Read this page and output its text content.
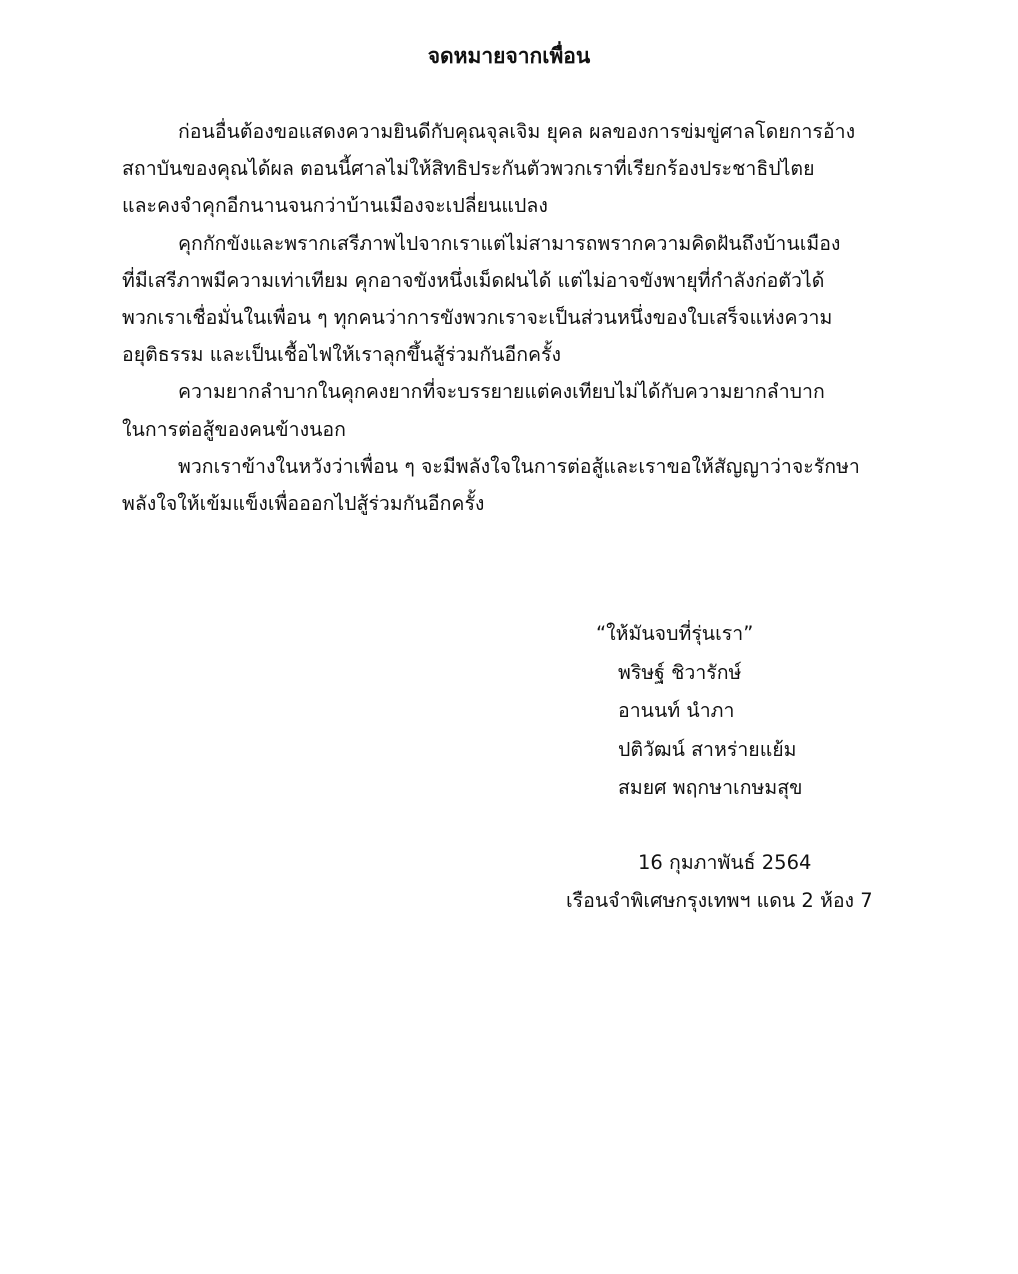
จดหมายจากเพื่อน

ก่อนอื่นต้องขอแสดงความยินดีกับคุณจุลเจิม ยุคล ผลของการข่มขู่ศาลโดยการอ้าง
สถาบันของคุณได้ผล ตอนนี้ศาลไม่ให้สิทธิประกันตัวพวกเราที่เรียกร้องประชาธิปไตย
และคงจำคุกอีกนานจนกว่าบ้านเมืองจะเปลี่ยนแปลง

คุกกักขังและพรากเสรีภาพไปจากเราแต่ไม่สามารถพรากความคิดฝันถึงบ้านเมือง
ที่มีเสรีภาพมีความเท่าเทียม คุกอาจขังหนึ่งเม็ดฝนได้ แต่ไม่อาจขังพายุที่กำลังก่อตัวได้
พวกเราเชื่อมั่นในเพื่อน ๆ ทุกคนว่าการขังพวกเราจะเป็นส่วนหนึ่งของใบเสร็จแห่งความ
อยุติธรรม และเป็นเชื้อไฟให้เราลุกขึ้นสู้ร่วมกันอีกครั้ง

ความยากลำบากในคุกคงยากที่จะบรรยายแต่คงเทียบไม่ได้กับความยากลำบาก
ในการต่อสู้ของคนข้างนอก

พวกเราข้างในหวังว่าเพื่อน ๆ จะมีพลังใจในการต่อสู้และเราขอให้สัญญาว่าจะรักษา
พลังใจให้เข้มแข็งเพื่อออกไปสู้ร่วมกันอีกครั้ง

“ให้มันจบที่รุ่นเรา”
พริษฐ์ ชิวารักษ์
อานนท์ นำภา
ปติวัฒน์ สาหร่ายแย้ม
สมยศ พฤกษาเกษมสุข
16 กุมภาพันธ์ 2564
เรือนจำพิเศษกรุงเทพฯ แดน 2 ห้อง 7
